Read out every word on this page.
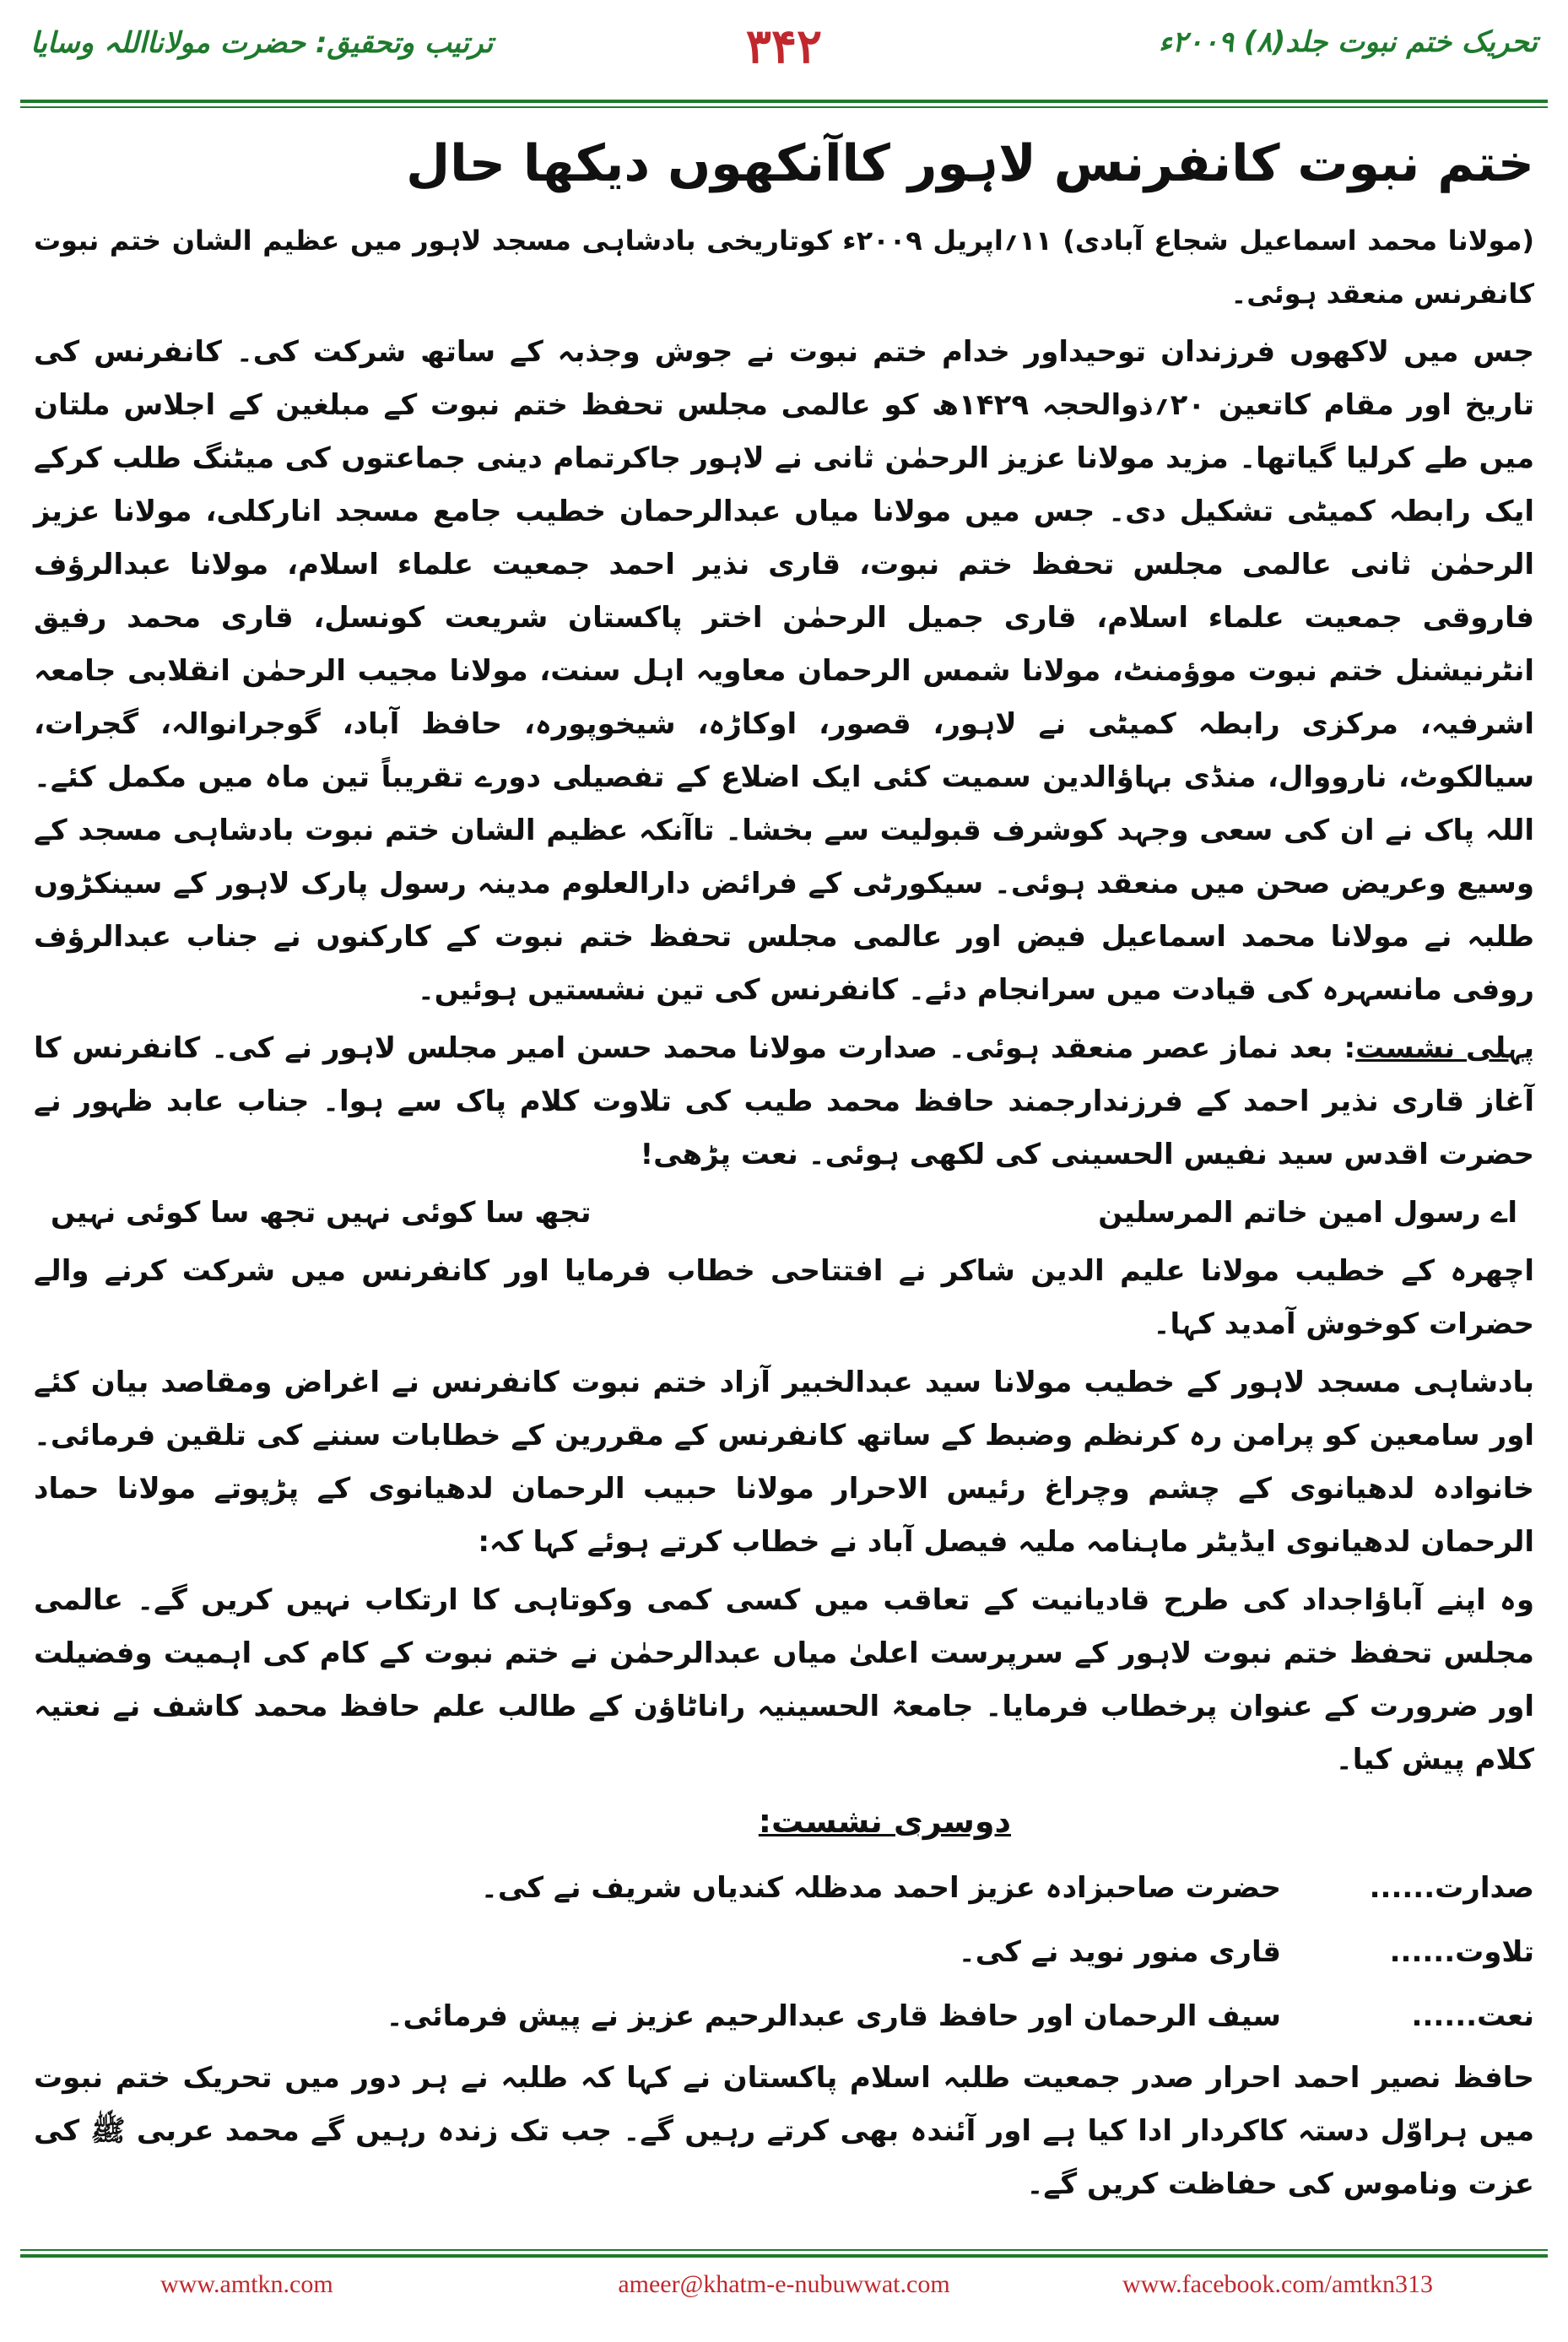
ترتیب وتحقیق: حضرت مولانااللہ وسایا	۳۴۲	تحریک ختم نبوت جلد(۸) ۲۰۰۹ء
ختم نبوت کانفرنس لاہور کاآنکھوں دیکھا حال

(مولانا محمد اسماعیل شجاع آبادی) ۱۱؍اپریل ۲۰۰۹ء کوتاریخی بادشاہی مسجد لاہور میں عظیم الشان ختم نبوت کانفرنس منعقد ہوئی۔

جس میں لاکھوں فرزندان توحیداور خدام ختم نبوت نے جوش وجذبہ کے ساتھ شرکت کی۔ کانفرنس کی تاریخ اور مقام کاتعین ۲۰؍ذوالحجہ ۱۴۲۹ھ کو عالمی مجلس تحفظ ختم نبوت کے مبلغین کے اجلاس ملتان میں طے کرلیا گیاتھا۔ مزید مولانا عزیز الرحمٰن ثانی نے لاہور جاکرتمام دینی جماعتوں کی میٹنگ طلب کرکے ایک رابطہ کمیٹی تشکیل دی۔ جس میں مولانا میاں عبدالرحمان خطیب جامع مسجد انارکلی، مولانا عزیز الرحمٰن ثانی عالمی مجلس تحفظ ختم نبوت، قاری نذیر احمد جمعیت علماء اسلام، مولانا عبدالرؤف فاروقی جمعیت علماء اسلام، قاری جمیل الرحمٰن اختر پاکستان شریعت کونسل، قاری محمد رفیق انٹرنیشنل ختم نبوت موؤمنٹ، مولانا شمس الرحمان معاویہ اہل سنت، مولانا مجیب الرحمٰن انقلابی جامعہ اشرفیہ، مرکزی رابطہ کمیٹی نے لاہور، قصور، اوکاڑہ، شیخوپورہ، حافظ آباد، گوجرانوالہ، گجرات، سیالکوٹ، نارووال، منڈی بہاؤالدین سمیت کئی ایک اضلاع کے تفصیلی دورے تقریباً تین ماہ میں مکمل کئے۔ اللہ پاک نے ان کی سعی وجہد کوشرف قبولیت سے بخشا۔ تاآنکہ عظیم الشان ختم نبوت بادشاہی مسجد کے وسیع وعریض صحن میں منعقد ہوئی۔ سیکورٹی کے فرائض دارالعلوم مدینہ رسول پارک لاہور کے سینکڑوں طلبہ نے مولانا محمد اسماعیل فیض اور عالمی مجلس تحفظ ختم نبوت کے کارکنوں نے جناب عبدالرؤف روفی مانسہرہ کی قیادت میں سرانجام دئے۔ کانفرنس کی تین نشستیں ہوئیں۔

پہلی نشست: بعد نماز عصر منعقد ہوئی۔ صدارت مولانا محمد حسن امیر مجلس لاہور نے کی۔ کانفرنس کا آغاز قاری نذیر احمد کے فرزندارجمند حافظ محمد طیب کی تلاوت کلام پاک سے ہوا۔ جناب عابد ظہور نے حضرت اقدس سید نفیس الحسینی کی لکھی ہوئی۔ نعت پڑھی!

اے رسول امین خاتم المرسلین
تجھ سا کوئی نہیں تجھ سا کوئی نہیں

اچھرہ کے خطیب مولانا علیم الدین شاکر نے افتتاحی خطاب فرمایا اور کانفرنس میں شرکت کرنے والے حضرات کوخوش آمدید کہا۔

بادشاہی مسجد لاہور کے خطیب مولانا سید عبدالخبیر آزاد ختم نبوت کانفرنس نے اغراض ومقاصد بیان کئے اور سامعین کو پرامن رہ کرنظم وضبط کے ساتھ کانفرنس کے مقررین کے خطابات سننے کی تلقین فرمائی۔ خانوادہ لدھیانوی کے چشم وچراغ رئیس الاحرار مولانا حبیب الرحمان لدھیانوی کے پڑپوتے مولانا حماد الرحمان لدھیانوی ایڈیٹر ماہنامہ ملیہ فیصل آباد نے خطاب کرتے ہوئے کہا کہ:

وہ اپنے آباؤاجداد کی طرح قادیانیت کے تعاقب میں کسی کمی وکوتاہی کا ارتکاب نہیں کریں گے۔ عالمی مجلس تحفظ ختم نبوت لاہور کے سرپرست اعلیٰ میاں عبدالرحمٰن نے ختم نبوت کے کام کی اہمیت وفضیلت اور ضرورت کے عنوان پرخطاب فرمایا۔ جامعۃ الحسینیہ راناٹاؤن کے طالب علم حافظ محمد کاشف نے نعتیہ کلام پیش کیا۔

دوسری نشست:
صدارت......
حضرت صاحبزادہ عزیز احمد مدظلہ کندیاں شریف نے کی۔
تلاوت......
قاری منور نوید نے کی۔
نعت......
سیف الرحمان اور حافظ قاری عبدالرحیم عزیز نے پیش فرمائی۔

حافظ نصیر احمد احرار صدر جمعیت طلبہ اسلام پاکستان نے کہا کہ طلبہ نے ہر دور میں تحریک ختم نبوت میں ہراوّل دستہ کاکردار ادا کیا ہے اور آئندہ بھی کرتے رہیں گے۔ جب تک زندہ رہیں گے محمد عربی ﷺ کی عزت وناموس کی حفاظت کریں گے۔

www.amtkn.com	ameer@khatm-e-nubuwwat.com	www.facebook.com/amtkn313
